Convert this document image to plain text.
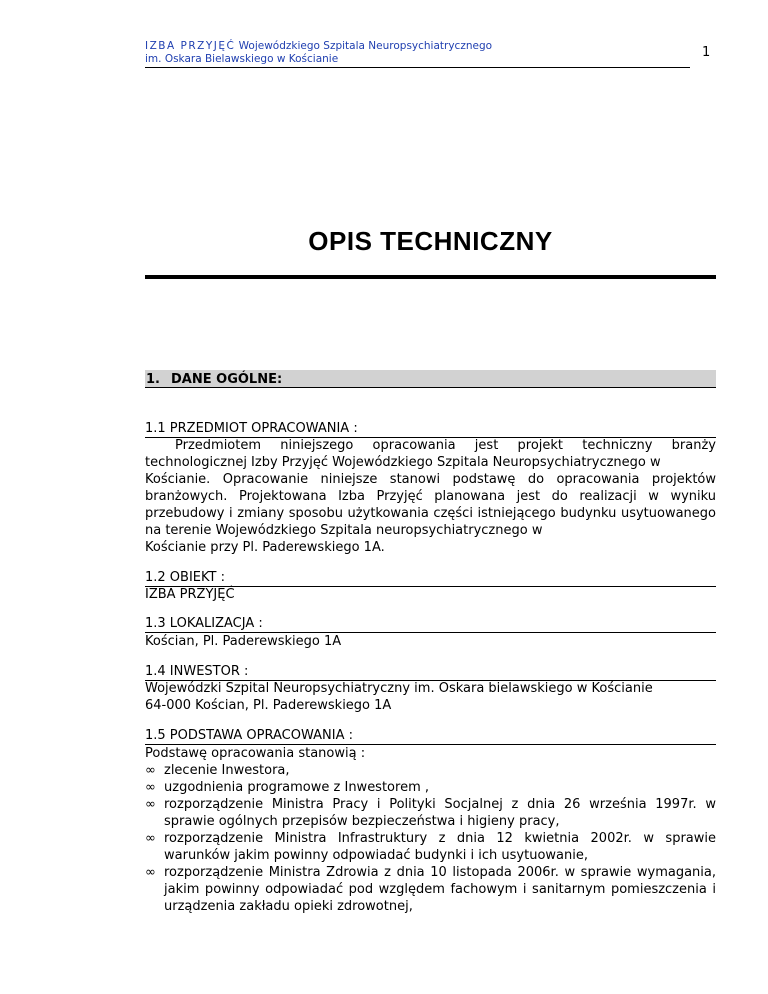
IZBA PRZYJĘĆ Wojewódzkiego Szpitala Neuropsychiatrycznego
im. Oskara Bielawskiego w Kościanie	1
OPIS TECHNICZNY
1. DANE OGÓLNE:
1.1 PRZEDMIOT OPRACOWANIA :
Przedmiotem niniejszego opracowania jest projekt techniczny branży technologicznej Izby Przyjęć Wojewódzkiego Szpitala Neuropsychiatrycznego w
Kościanie. Opracowanie niniejsze stanowi podstawę do opracowania projektów branżowych. Projektowana Izba Przyjęć planowana jest do realizacji w wyniku przebudowy i zmiany sposobu użytkowania części istniejącego budynku usytuowanego na terenie Wojewódzkiego Szpitala neuropsychiatrycznego w
Kościanie przy Pl. Paderewskiego 1A.
1.2 OBIEKT :
IZBA PRZYJĘĆ
1.3 LOKALIZACJA :
Kościan, Pl. Paderewskiego 1A
1.4 INWESTOR :
Wojewódzki Szpital Neuropsychiatryczny im. Oskara bielawskiego w Kościanie
64-000 Kościan, Pl. Paderewskiego 1A
1.5 PODSTAWA OPRACOWANIA :
Podstawę opracowania stanowią :
∞ zlecenie Inwestora,
∞ uzgodnienia programowe z Inwestorem ,
∞ rozporządzenie Ministra Pracy i Polityki Socjalnej z dnia 26 września 1997r. w sprawie ogólnych przepisów bezpieczeństwa i higieny pracy,
∞ rozporządzenie Ministra Infrastruktury z dnia 12 kwietnia 2002r. w sprawie warunków jakim powinny odpowiadać budynki i ich usytuowanie,
∞ rozporządzenie Ministra Zdrowia z dnia 10 listopada 2006r. w sprawie wymagania, jakim powinny odpowiadać pod względem fachowym i sanitarnym pomieszczenia i urządzenia zakładu opieki zdrowotnej,
